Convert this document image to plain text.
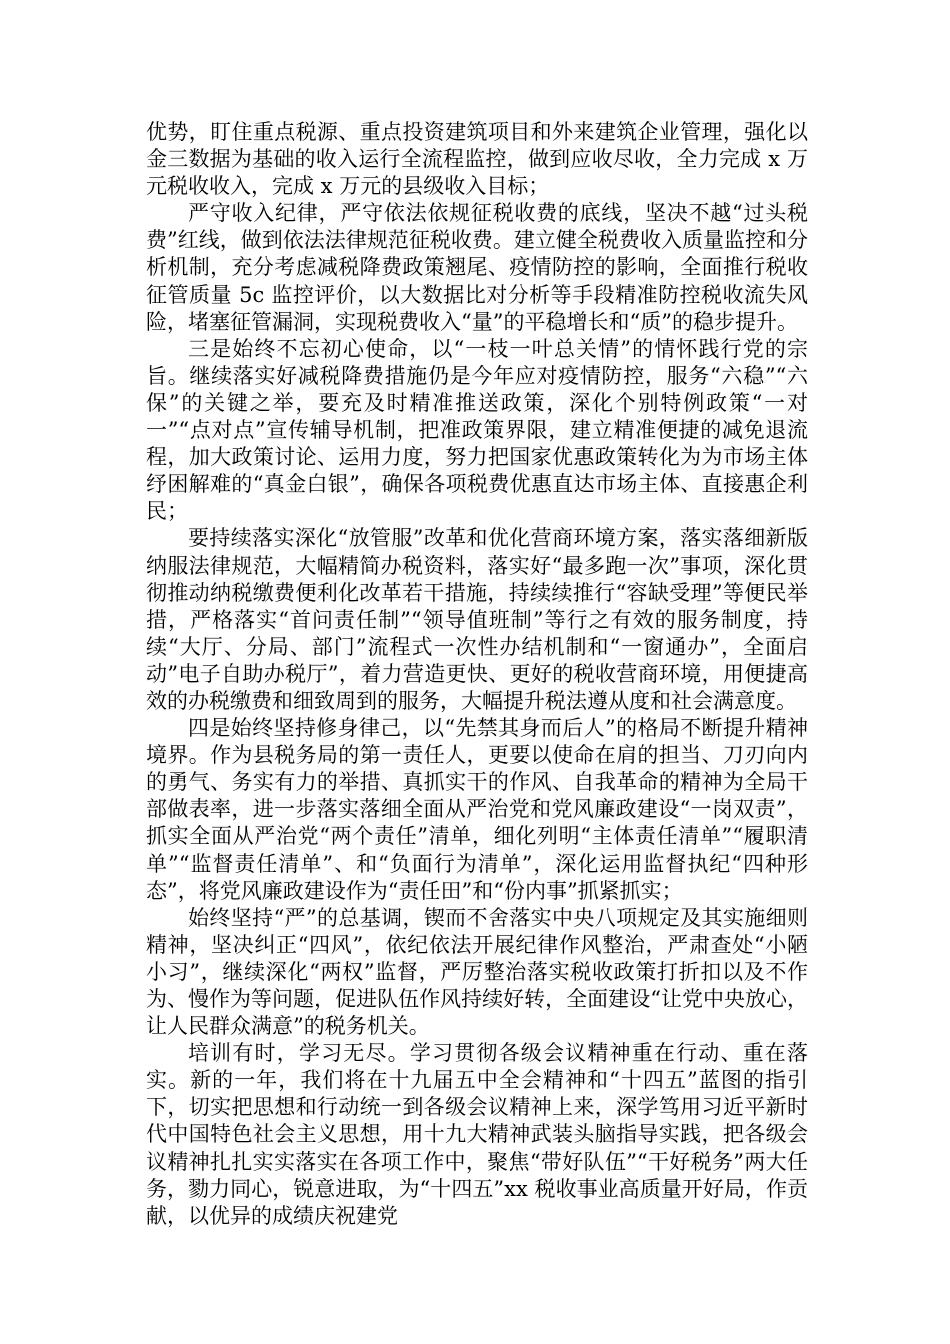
优势，盯住重点税源、重点投资建筑项目和外来建筑企业管理，强化以金三数据为基础的收入运行全流程监控，做到应收尽收，全力完成 x 万元税收收入，完成 x 万元的县级收入目标；

严守收入纪律，严守依法依规征税收费的底线，坚决不越“过头税费”红线，做到依法法律规范征税收费。建立健全税费收入质量监控和分析机制，充分考虑减税降费政策翘尾、疫情防控的影响，全面推行税收征管质量 5c 监控评价，以大数据比对分析等手段精准防控税收流失风险，堵塞征管漏洞，实现税费收入“量”的平稳增长和“质”的稳步提升。

三是始终不忘初心使命，以“一枝一叶总关情”的情怀践行党的宗旨。继续落实好减税降费措施仍是今年应对疫情防控，服务“六稳”“六保”的关键之举，要充及时精准推送政策，深化个别特例政策“一对一”“点对点”宣传辅导机制，把准政策界限，建立精准便捷的减免退流程，加大政策讨论、运用力度，努力把国家优惠政策转化为为市场主体纾困解难的“真金白银”，确保各项税费优惠直达市场主体、直接惠企利民；

要持续落实深化“放管服”改革和优化营商环境方案，落实落细新版纳服法律规范，大幅精简办税资料，落实好“最多跑一次”事项，深化贯彻推动纳税缴费便利化改革若干措施，持续续推行“容缺受理”等便民举措，严格落实“首问责任制”“领导值班制”等行之有效的服务制度，持续“大厅、分局、部门”流程式一次性办结机制和“一窗通办”，全面启动”电子自助办税厅”，着力营造更快、更好的税收营商环境，用便捷高效的办税缴费和细致周到的服务，大幅提升税法遵从度和社会满意度。

四是始终坚持修身律己，以“先禁其身而后人”的格局不断提升精神境界。作为县税务局的第一责任人，更要以使命在肩的担当、刀刃向内的勇气、务实有力的举措、真抓实干的作风、自我革命的精神为全局干部做表率，进一步落实落细全面从严治党和党风廉政建设“一岗双责”，抓实全面从严治党“两个责任”清单，细化列明“主体责任清单”“履职清单”“监督责任清单”、和“负面行为清单”，深化运用监督执纪“四种形态”，将党风廉政建设作为“责任田”和“份内事”抓紧抓实；

始终坚持“严”的总基调，锲而不舍落实中央八项规定及其实施细则精神，坚决纠正“四风”，依纪依法开展纪律作风整治，严肃查处“小陋小习”，继续深化“两权”监督，严厉整治落实税收政策打折扣以及不作为、慢作为等问题，促进队伍作风持续好转，全面建设“让党中央放心，让人民群众满意”的税务机关。

培训有时，学习无尽。学习贯彻各级会议精神重在行动、重在落实。新的一年，我们将在十九届五中全会精神和“十四五”蓝图的指引下，切实把思想和行动统一到各级会议精神上来，深学笃用习近平新时代中国特色社会主义思想，用十九大精神武装头脑指导实践，把各级会议精神扎扎实实落实在各项工作中，聚焦“带好队伍”“干好税务”两大任务，勠力同心，锐意进取，为“十四五”xx 税收事业高质量开好局，作贡献，以优异的成绩庆祝建党
